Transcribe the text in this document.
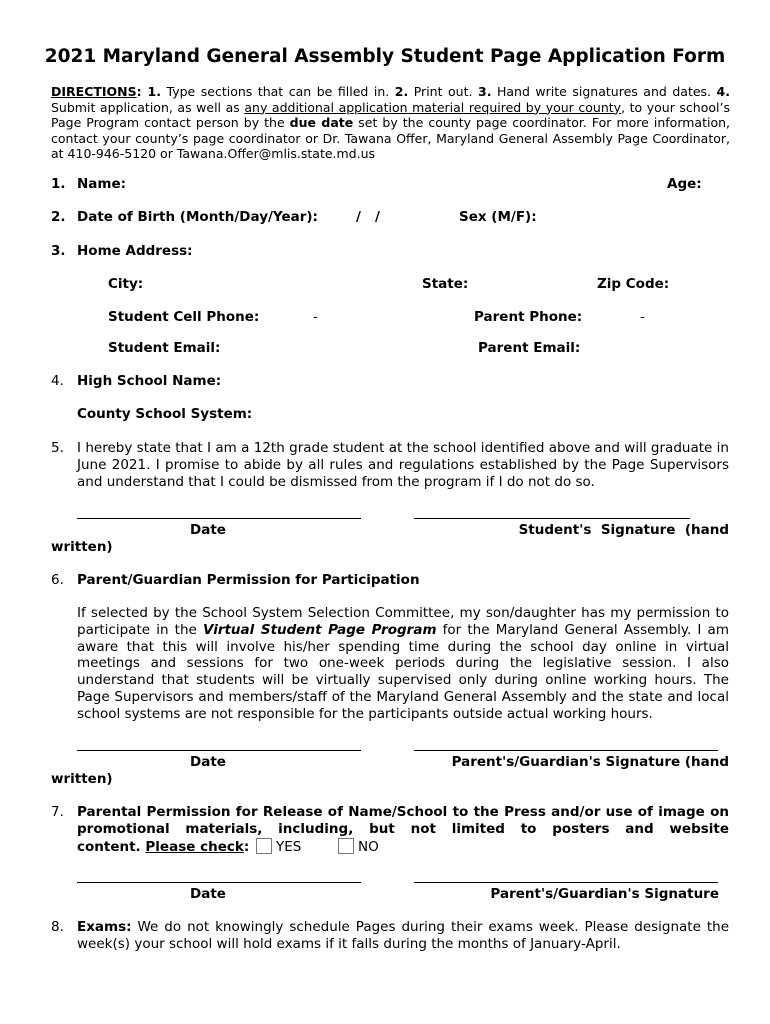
2021 Maryland General Assembly Student Page Application Form
DIRECTIONS: 1. Type sections that can be filled in. 2. Print out. 3. Hand write signatures and dates. 4. Submit application, as well as any additional application material required by your county, to your school’s Page Program contact person by the due date set by the county page coordinator. For more information, contact your county’s page coordinator or Dr. Tawana Offer, Maryland General Assembly Page Coordinator, at 410-946-5120 or Tawana.Offer@mlis.state.md.us
1. Name:	Age:
2. Date of Birth (Month/Day/Year):	/   /	Sex (M/F):
3. Home Address:
City:	State:	Zip Code:
Student Cell Phone:	-	Parent Phone:	-
Student Email:	Parent Email:
4. High School Name:
County School System:
5. I hereby state that I am a 12th grade student at the school identified above and will graduate in June 2021. I promise to abide by all rules and regulations established by the Page Supervisors and understand that I could be dismissed from the program if I do not do so.
Date	Student's  Signature  (hand
written)
6. Parent/Guardian Permission for Participation
If selected by the School System Selection Committee, my son/daughter has my permission to participate in the Virtual Student Page Program for the Maryland General Assembly. I am aware that this will involve his/her spending time during the school day online in virtual meetings and sessions for two one-week periods during the legislative session. I also understand that students will be virtually supervised only during online working hours. The Page Supervisors and members/staff of the Maryland General Assembly and the state and local school systems are not responsible for the participants outside actual working hours.
Date	Parent's/Guardian's Signature (hand
written)
7. Parental Permission for Release of Name/School to the Press and/or use of image on promotional materials, including, but not limited to posters and website content. Please check: YES	NO
Date	Parent's/Guardian's Signature
8. Exams: We do not knowingly schedule Pages during their exams week. Please designate the week(s) your school will hold exams if it falls during the months of January-April.
